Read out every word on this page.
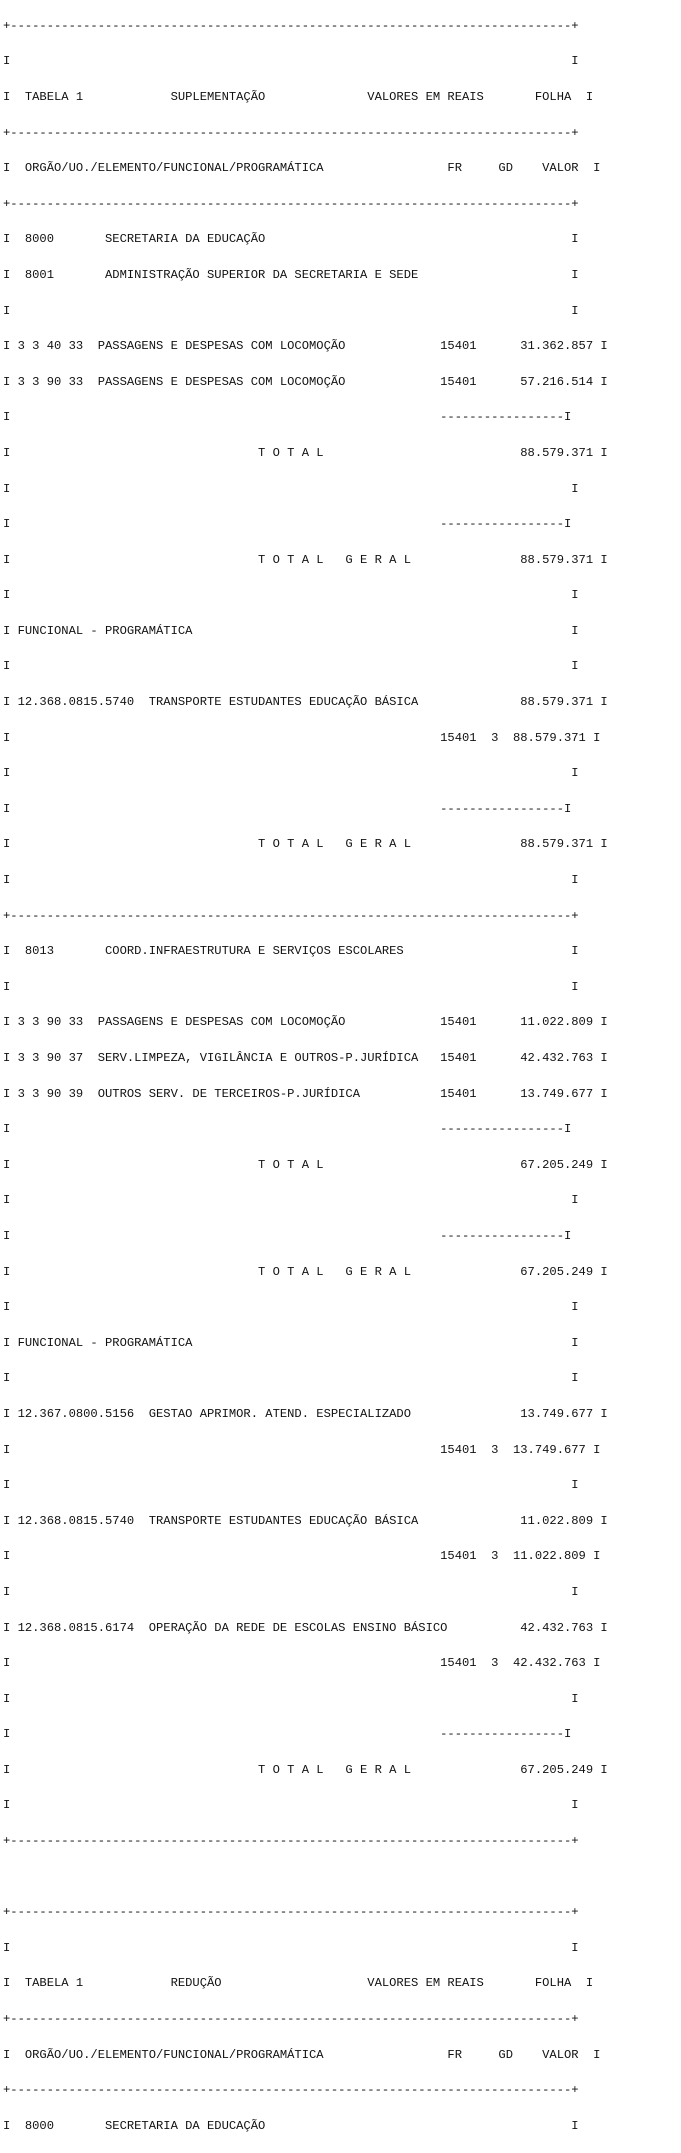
+-----------------------------------------------------------------------------+

I                                                                             I

I  TABELA 1            SUPLEMENTAÇÃO              VALORES EM REAIS       FOLHA  I

+-----------------------------------------------------------------------------+

I  ORGÃO/UO./ELEMENTO/FUNCIONAL/PROGRAMÁTICA                 FR     GD    VALOR  I

+-----------------------------------------------------------------------------+

I  8000       SECRETARIA DA EDUCAÇÃO                                          I

I  8001       ADMINISTRAÇÃO SUPERIOR DA SECRETARIA E SEDE                     I

I                                                                             I

I 3 3 40 33  PASSAGENS E DESPESAS COM LOCOMOÇÃO             15401      31.362.857 I

I 3 3 90 33  PASSAGENS E DESPESAS COM LOCOMOÇÃO             15401      57.216.514 I

I                                                           -----------------I

I                                  T O T A L                           88.579.371 I

I                                                                             I

I                                                           -----------------I

I                                  T O T A L   G E R A L               88.579.371 I

I                                                                             I

I FUNCIONAL - PROGRAMÁTICA                                                    I

I                                                                             I

I 12.368.0815.5740  TRANSPORTE ESTUDANTES EDUCAÇÃO BÁSICA              88.579.371 I

I                                                           15401  3  88.579.371 I

I                                                                             I

I                                                           -----------------I

I                                  T O T A L   G E R A L               88.579.371 I

I                                                                             I

+-----------------------------------------------------------------------------+

I  8013       COORD.INFRAESTRUTURA E SERVIÇOS ESCOLARES                       I

I                                                                             I

I 3 3 90 33  PASSAGENS E DESPESAS COM LOCOMOÇÃO             15401      11.022.809 I

I 3 3 90 37  SERV.LIMPEZA, VIGILÂNCIA E OUTROS-P.JURÍDICA   15401      42.432.763 I

I 3 3 90 39  OUTROS SERV. DE TERCEIROS-P.JURÍDICA           15401      13.749.677 I

I                                                           -----------------I

I                                  T O T A L                           67.205.249 I

I                                                                             I

I                                                           -----------------I

I                                  T O T A L   G E R A L               67.205.249 I

I                                                                             I

I FUNCIONAL - PROGRAMÁTICA                                                    I

I                                                                             I

I 12.367.0800.5156  GESTAO APRIMOR. ATEND. ESPECIALIZADO               13.749.677 I

I                                                           15401  3  13.749.677 I

I                                                                             I

I 12.368.0815.5740  TRANSPORTE ESTUDANTES EDUCAÇÃO BÁSICA              11.022.809 I

I                                                           15401  3  11.022.809 I

I                                                                             I

I 12.368.0815.6174  OPERAÇÃO DA REDE DE ESCOLAS ENSINO BÁSICO          42.432.763 I

I                                                           15401  3  42.432.763 I

I                                                                             I

I                                                           -----------------I

I                                  T O T A L   G E R A L               67.205.249 I

I                                                                             I

+-----------------------------------------------------------------------------+

+-----------------------------------------------------------------------------+

I                                                                             I

I  TABELA 1            REDUÇÃO                    VALORES EM REAIS       FOLHA  I

+-----------------------------------------------------------------------------+

I  ORGÃO/UO./ELEMENTO/FUNCIONAL/PROGRAMÁTICA                 FR     GD    VALOR  I

+-----------------------------------------------------------------------------+

I  8000       SECRETARIA DA EDUCAÇÃO                                          I
